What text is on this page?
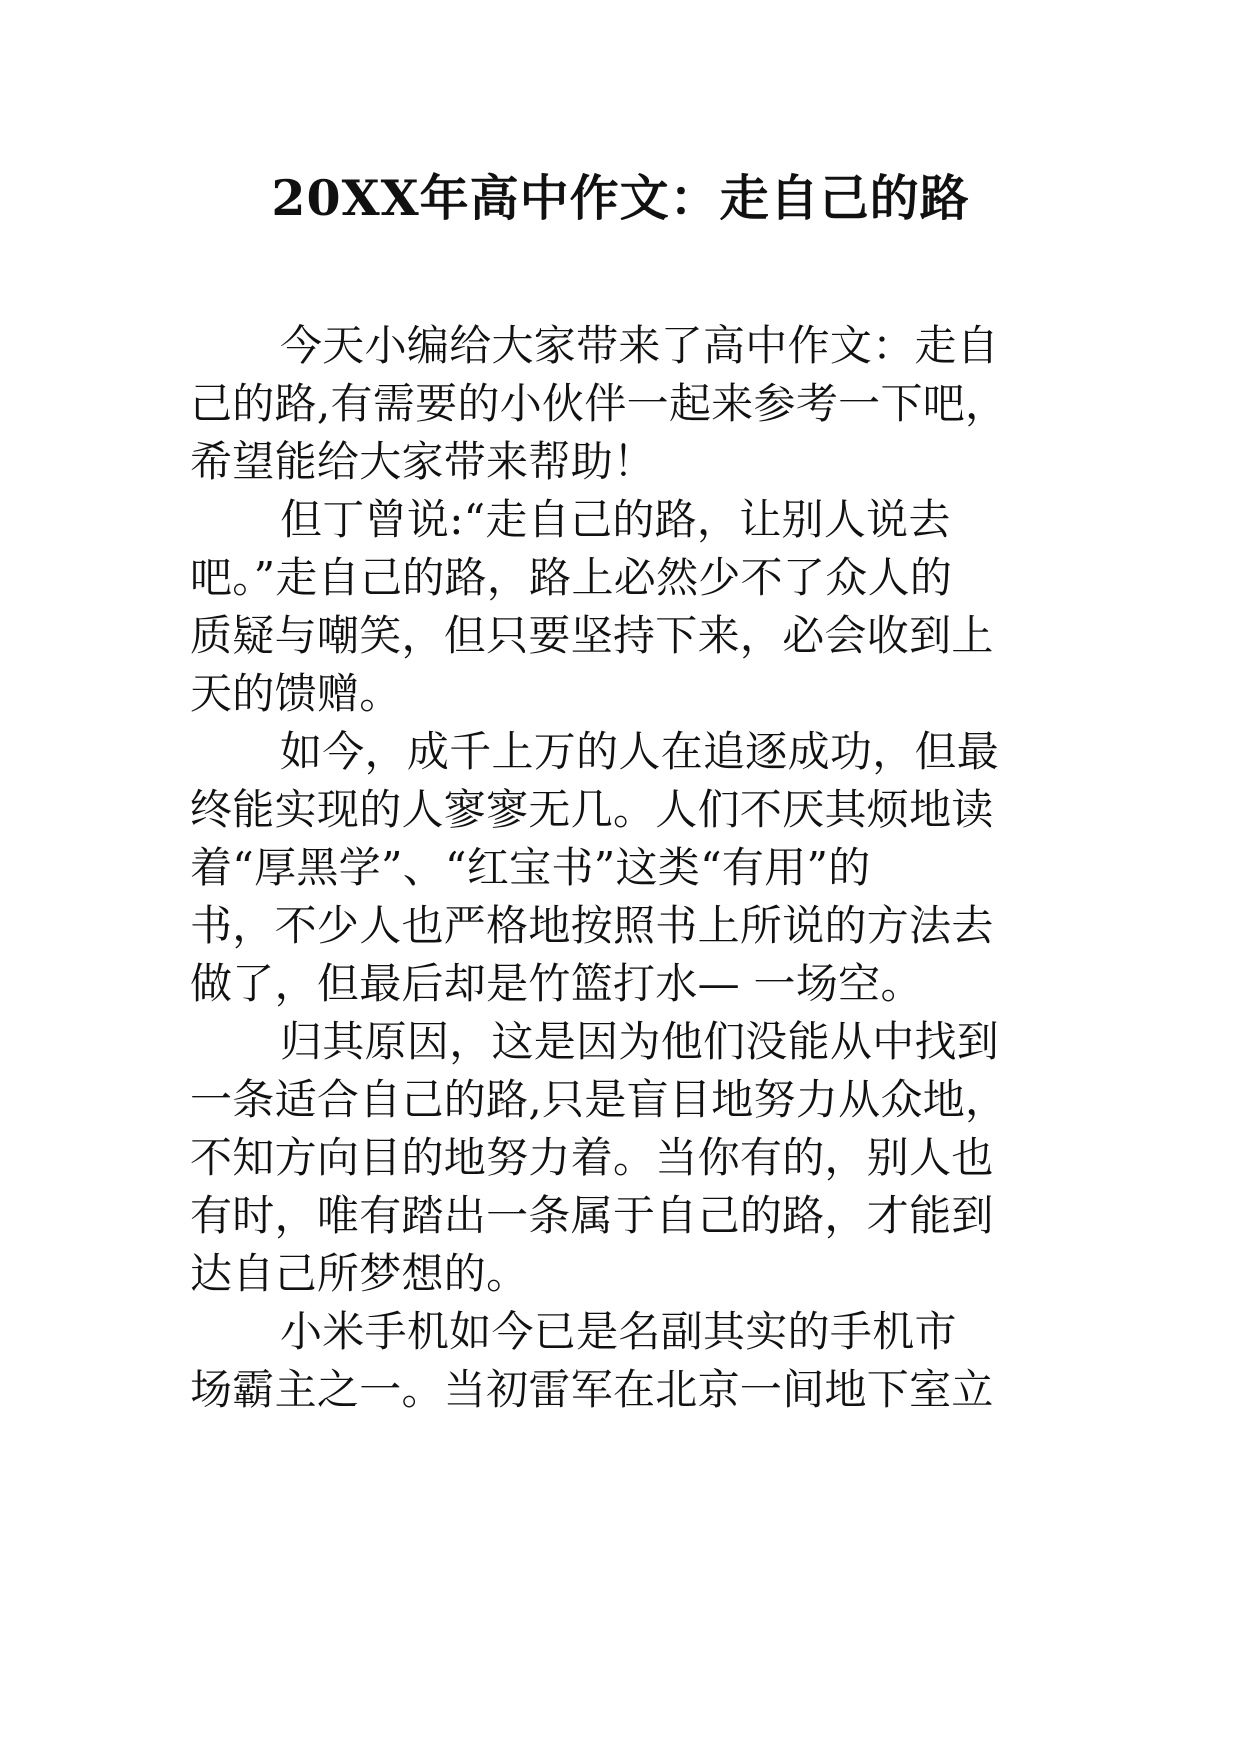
20XX年高中作文：走自己的路
今天小编给大家带来了高中作文：走自
己的路,有需要的小伙伴一起来参考一下吧，
希望能给大家带来帮助！
但丁曾说:“走自己的路，让别人说去
吧。”走自己的路，路上必然少不了众人的
质疑与嘲笑，但只要坚持下来，必会收到上
天的馈赠。
如今，成千上万的人在追逐成功，但最
终能实现的人寥寥无几。人们不厌其烦地读
着“厚黑学”、“红宝书”这类“有用”的
书，不少人也严格地按照书上所说的方法去
做了，但最后却是竹篮打水— 一场空。
归其原因，这是因为他们没能从中找到
一条适合自己的路,只是盲目地努力从众地，
不知方向目的地努力着。当你有的，别人也
有时，唯有踏出一条属于自己的路，才能到
达自己所梦想的。
小米手机如今已是名副其实的手机市
场霸主之一。当初雷军在北京一间地下室立
